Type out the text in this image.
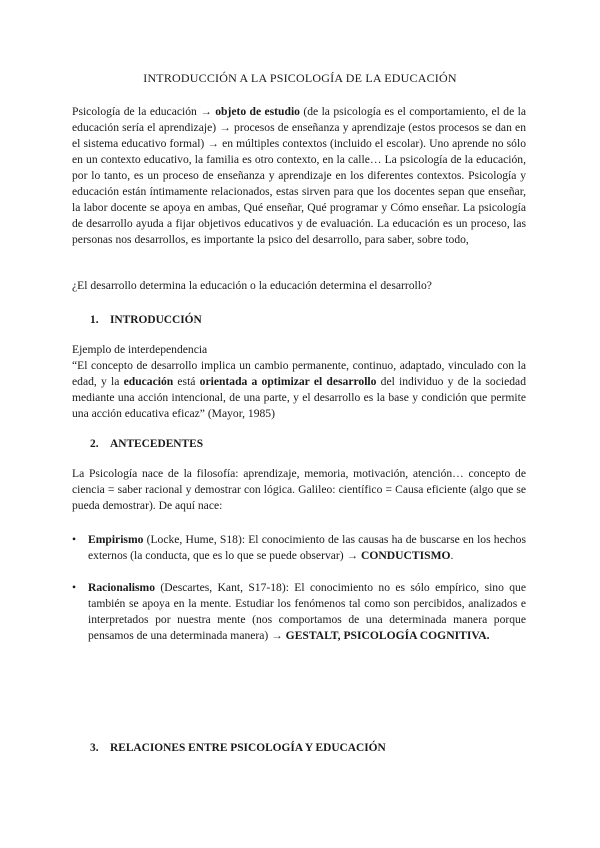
INTRODUCCIÓN A LA PSICOLOGÍA DE LA EDUCACIÓN

Psicología de la educación → objeto de estudio (de la psicología es el comportamiento, el de la educación sería el aprendizaje) → procesos de enseñanza y aprendizaje (estos procesos se dan en el sistema educativo formal) → en múltiples contextos (incluido el escolar). Uno aprende no sólo en un contexto educativo, la familia es otro contexto, en la calle… La psicología de la educación, por lo tanto, es un proceso de enseñanza y aprendizaje en los diferentes contextos. Psicología y educación están íntimamente relacionados, estas sirven para que los docentes sepan que enseñar, la labor docente se apoya en ambas, Qué enseñar, Qué programar y Cómo enseñar. La psicología de desarrollo ayuda a fijar objetivos educativos y de evaluación. La educación es un proceso, las personas nos desarrollos, es importante la psico del desarrollo, para saber, sobre todo,

¿El desarrollo determina la educación o la educación determina el desarrollo?

1. INTRODUCCIÓN
Ejemplo de interdependencia
“El concepto de desarrollo implica un cambio permanente, continuo, adaptado, vinculado con la edad, y la educación está orientada a optimizar el desarrollo del individuo y de la sociedad mediante una acción intencional, de una parte, y el desarrollo es la base y condición que permite una acción educativa eficaz” (Mayor, 1985)
2. ANTECEDENTES

La Psicología nace de la filosofía: aprendizaje, memoria, motivación, atención… concepto de ciencia = saber racional y demostrar con lógica. Galileo: científico = Causa eficiente (algo que se pueda demostrar). De aquí nace:

• Empirismo (Locke, Hume, S18): El conocimiento de las causas ha de buscarse en los hechos externos (la conducta, que es lo que se puede observar) → CONDUCTISMO.
• Racionalismo (Descartes, Kant, S17-18): El conocimiento no es sólo empírico, sino que también se apoya en la mente. Estudiar los fenómenos tal como son percibidos, analizados e interpretados por nuestra mente (nos comportamos de una determinada manera porque pensamos de una determinada manera) → GESTALT, PSICOLOGÍA COGNITIVA.
3. RELACIONES ENTRE PSICOLOGÍA Y EDUCACIÓN
